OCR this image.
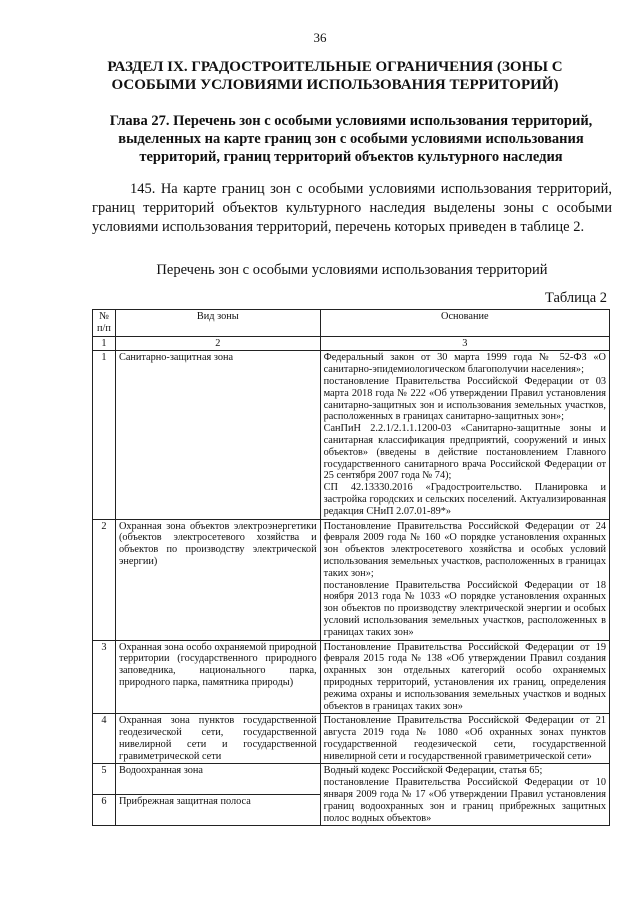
36
РАЗДЕЛ IX. ГРАДОСТРОИТЕЛЬНЫЕ ОГРАНИЧЕНИЯ (ЗОНЫ С ОСОБЫМИ УСЛОВИЯМИ ИСПОЛЬЗОВАНИЯ ТЕРРИТОРИЙ)
Глава 27. Перечень зон с особыми условиями использования территорий, выделенных на карте границ зон с особыми условиями использования территорий, границ территорий объектов культурного наследия
145. На карте границ зон с особыми условиями использования территорий, границ территорий объектов культурного наследия выделены зоны с особыми условиями использования территорий, перечень которых приведен в таблице 2.
Перечень зон с особыми условиями использования территорий
Таблица 2
№ п/п	Вид зоны	Основание
1	2	3
1	Санитарно-защитная зона	Федеральный закон от 30 марта 1999 года № 52-ФЗ «О санитарно-эпидемиологическом благополучии населения»;
постановление Правительства Российской Федерации от 03 марта 2018 года № 222 «Об утверждении Правил установления санитарно-защитных зон и использования земельных участков, расположенных в границах санитарно-защитных зон»;
СанПиН 2.2.1/2.1.1.1200-03 «Санитарно-защитные зоны и санитарная классификация предприятий, сооружений и иных объектов» (введены в действие постановлением Главного государственного санитарного врача Российской Федерации от 25 сентября 2007 года № 74);
СП 42.13330.2016 «Градостроительство. Планировка и застройка городских и сельских поселений. Актуализированная редакция СНиП 2.07.01-89*»

2	Охранная зона объектов электроэнергетики (объектов электросетевого хозяйства и объектов по производству электрической энергии)	Постановление Правительства Российской Федерации от 24 февраля 2009 года № 160 «О порядке установления охранных зон объектов электросетевого хозяйства и особых условий использования земельных участков, расположенных в границах таких зон»;
постановление Правительства Российской Федерации от 18 ноября 2013 года № 1033 «О порядке установления охранных зон объектов по производству электрической энергии и особых условий использования земельных участков, расположенных в границах таких зон»

3	Охранная зона особо охраняемой природной территории (государственного природного заповедника, национального парка, природного парка, памятника природы)	Постановление Правительства Российской Федерации от 19 февраля 2015 года № 138 «Об утверждении Правил создания охранных зон отдельных категорий особо охраняемых природных территорий, установления их границ, определения режима охраны и использования земельных участков и водных объектов в границах таких зон»

4	Охранная зона пунктов государственной геодезической сети, государственной нивелирной сети и государственной гравиметрической сети	Постановление Правительства Российской Федерации от 21 августа 2019 года № 1080 «Об охранных зонах пунктов государственной геодезической сети, государственной нивелирной сети и государственной гравиметрической сети»

5	Водоохранная зона	Водный кодекс Российской Федерации, статья 65;
постановление Правительства Российской Федерации от 10 января 2009 года № 17 «Об утверждении Правил установления границ водоохранных зон и границ прибрежных защитных полос водных объектов»

6	Прибрежная защитная полоса	
